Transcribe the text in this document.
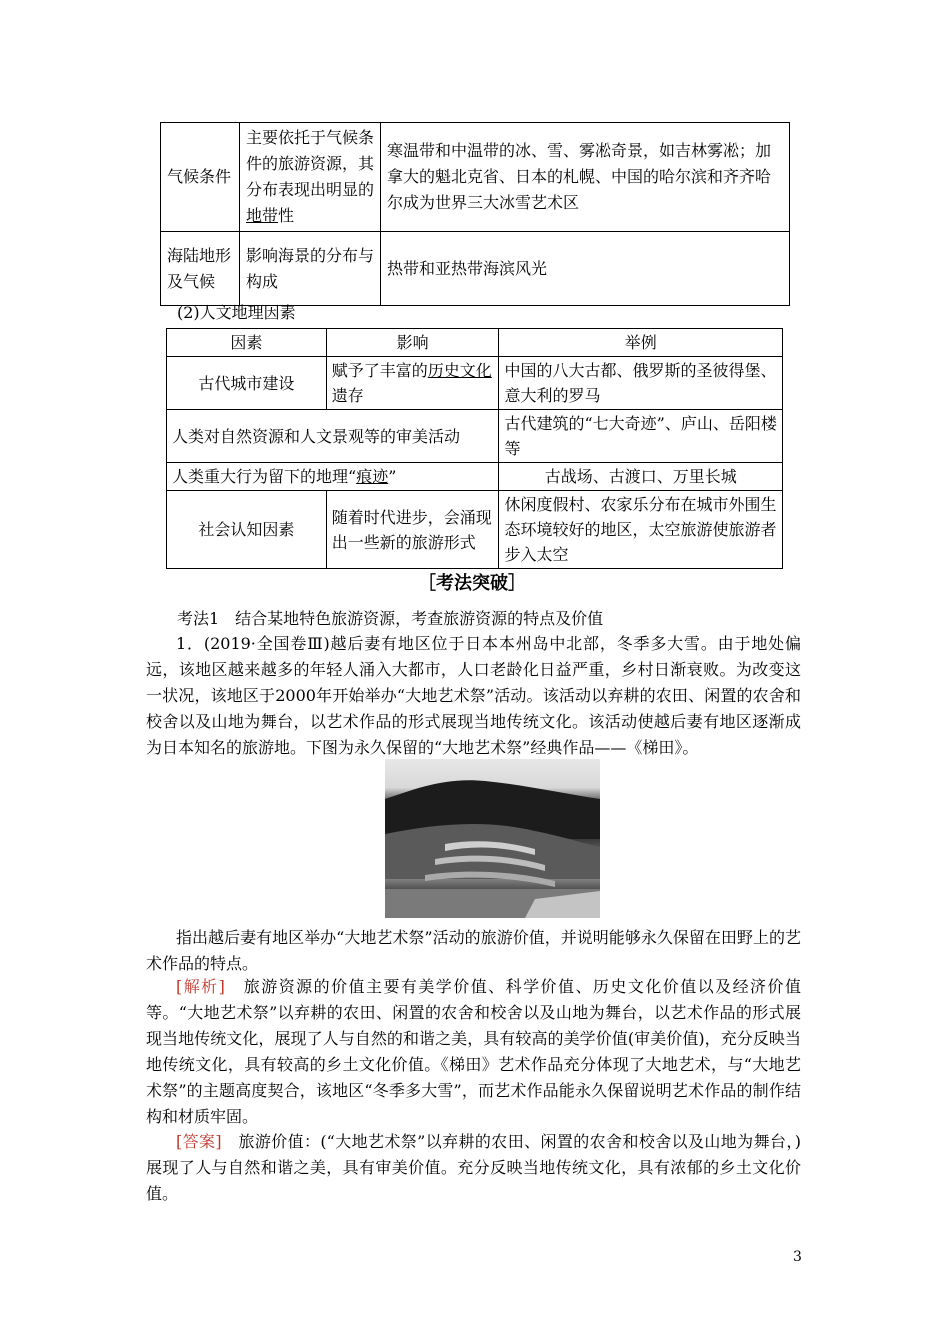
气候条件	主要依托于气候条件的旅游资源，其分布表现出明显的地带性	寒温带和中温带的冰、雪、雾凇奇景，如吉林雾凇；加拿大的魁北克省、日本的札幌、中国的哈尔滨和齐齐哈尔成为世界三大冰雪艺术区
海陆地形及气候	影响海景的分布与构成	热带和亚热带海滨风光
(2)人文地理因素
因素	影响	举例
古代城市建设	赋予了丰富的历史文化遗存	中国的八大古都、俄罗斯的圣彼得堡、意大利的罗马
人类对自然资源和人文景观等的审美活动		古代建筑的“七大奇迹”、庐山、岳阳楼等
人类重大行为留下的地理“痕迹”		古战场、古渡口、万里长城
社会认知因素	随着时代进步，会涌现出一些新的旅游形式	休闲度假村、农家乐分布在城市外围生态环境较好的地区，太空旅游使旅游者步入太空
［考法突破］
考法1　结合某地特色旅游资源，考查旅游资源的特点及价值
1．(2019·全国卷Ⅲ)越后妻有地区位于日本本州岛中北部，冬季多大雪。由于地处偏远，该地区越来越多的年轻人涌入大都市，人口老龄化日益严重，乡村日渐衰败。为改变这一状况，该地区于2000年开始举办“大地艺术祭”活动。该活动以弃耕的农田、闲置的农舍和校舍以及山地为舞台，以艺术作品的形式展现当地传统文化。该活动使越后妻有地区逐渐成为日本知名的旅游地。下图为永久保留的“大地艺术祭”经典作品——《梯田》。
指出越后妻有地区举办“大地艺术祭”活动的旅游价值，并说明能够永久保留在田野上的艺术作品的特点。
[解析]　旅游资源的价值主要有美学价值、科学价值、历史文化价值以及经济价值等。“大地艺术祭”以弃耕的农田、闲置的农舍和校舍以及山地为舞台，以艺术作品的形式展现当地传统文化，展现了人与自然的和谐之美，具有较高的美学价值(审美价值)，充分反映当地传统文化，具有较高的乡土文化价值。《梯田》艺术作品充分体现了大地艺术，与“大地艺术祭”的主题高度契合，该地区“冬季多大雪”，而艺术作品能永久保留说明艺术作品的制作结构和材质牢固。
[答案]　旅游价值：(“大地艺术祭”以弃耕的农田、闲置的农舍和校舍以及山地为舞台，)展现了人与自然和谐之美，具有审美价值。充分反映当地传统文化，具有浓郁的乡土文化价值。
3
